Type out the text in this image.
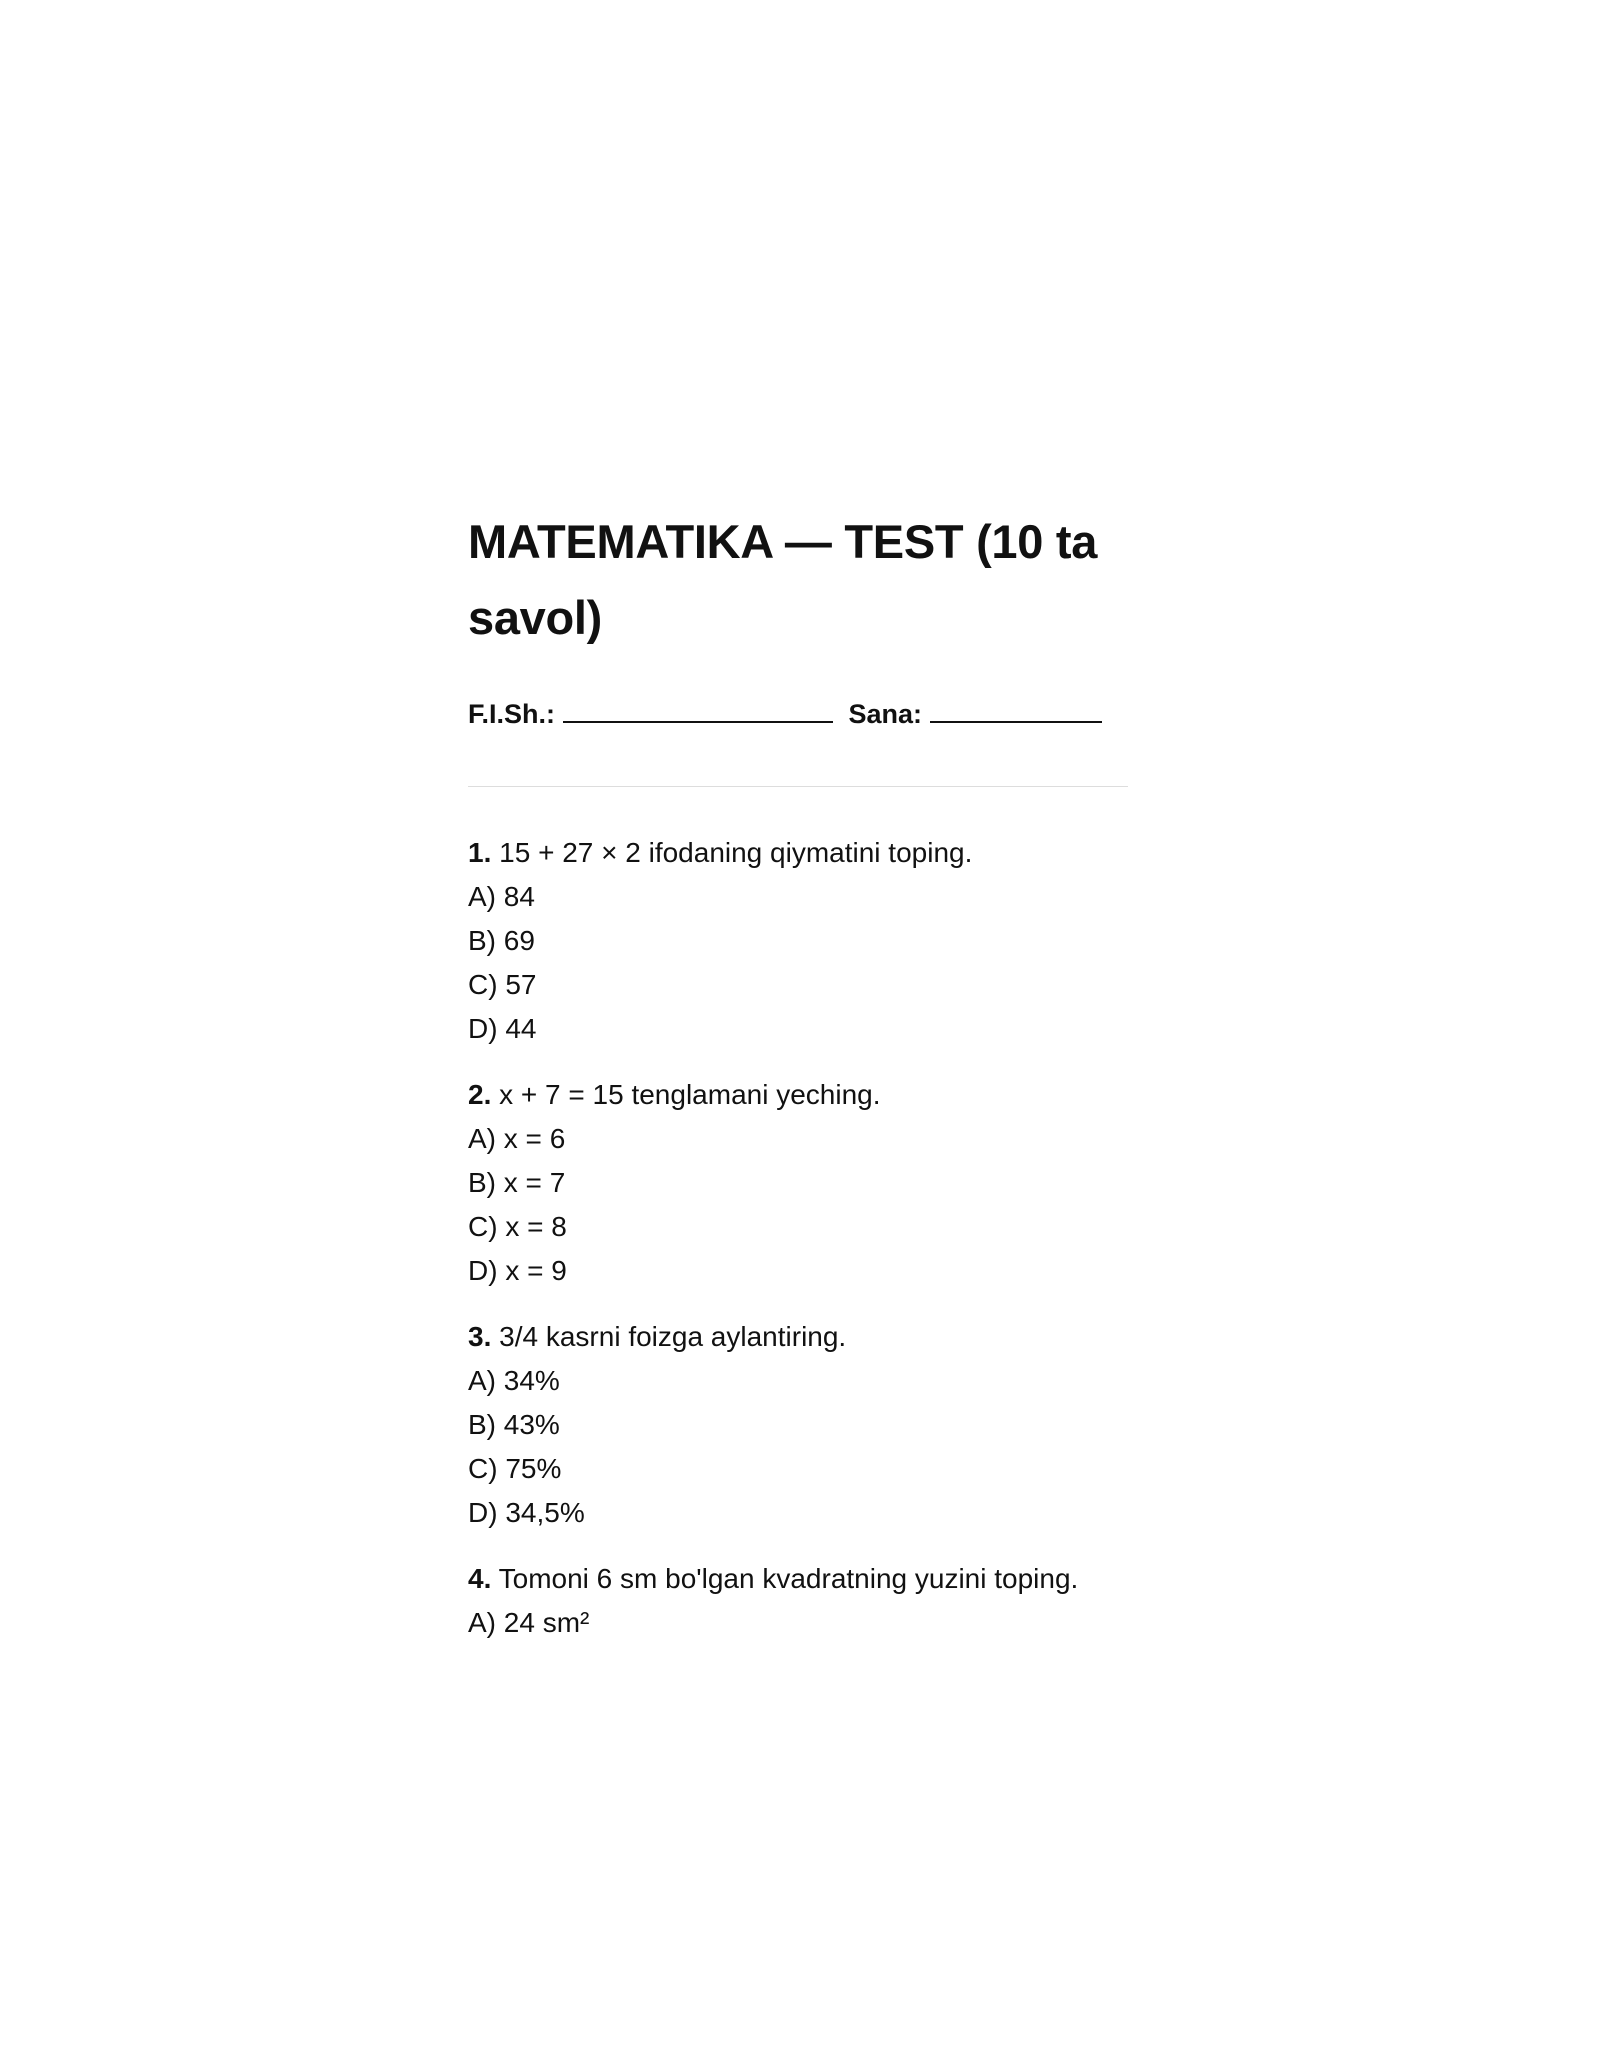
MATEMATIKA — TEST (10 ta savol)
F.I.Sh.:	Sana:
1. 15 + 27 × 2 ifodaning qiymatini toping.
A) 84
B) 69
C) 57
D) 44
2. x + 7 = 15 tenglamani yeching.
A) x = 6
B) x = 7
C) x = 8
D) x = 9
3. 3/4 kasrni foizga aylantiring.
A) 34%
B) 43%
C) 75%
D) 34,5%
4. Tomoni 6 sm bo'lgan kvadratning yuzini toping.
A) 24 sm²
